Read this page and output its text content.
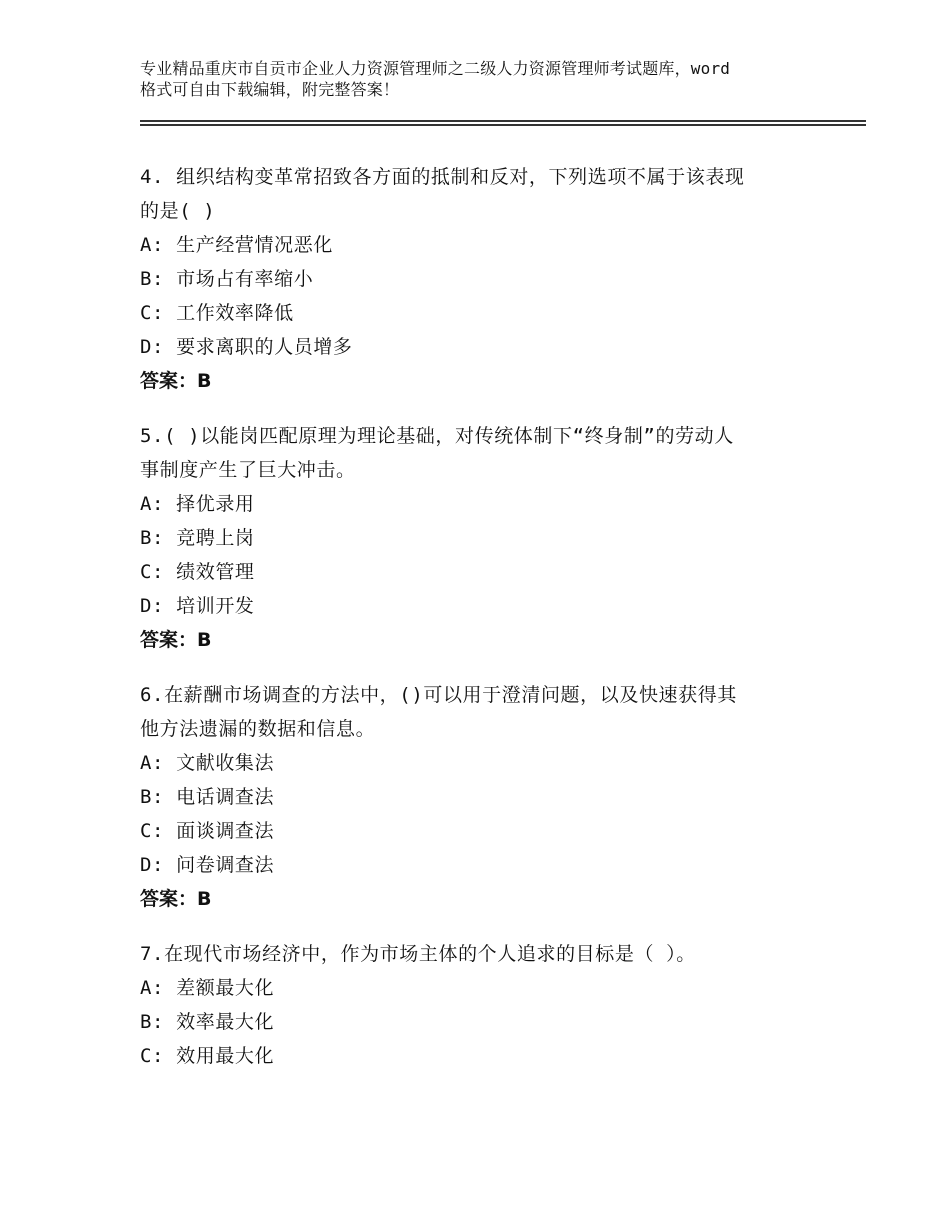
专业精品重庆市自贡市企业人力资源管理师之二级人力资源管理师考试题库，word
格式可自由下载编辑，附完整答案！
4. 组织结构变革常招致各方面的抵制和反对，下列选项不属于该表现
的是( )
A: 生产经营情况恶化
B: 市场占有率缩小
C: 工作效率降低
D: 要求离职的人员增多
答案：B
5.( )以能岗匹配原理为理论基础，对传统体制下“终身制”的劳动人
事制度产生了巨大冲击。
A: 择优录用
B: 竞聘上岗
C: 绩效管理
D: 培训开发
答案：B
6.在薪酬市场调查的方法中，()可以用于澄清问题，以及快速获得其
他方法遗漏的数据和信息。
A: 文献收集法
B: 电话调查法
C: 面谈调查法
D: 问卷调查法
答案：B
7.在现代市场经济中，作为市场主体的个人追求的目标是（ ）。
A: 差额最大化
B: 效率最大化
C: 效用最大化
